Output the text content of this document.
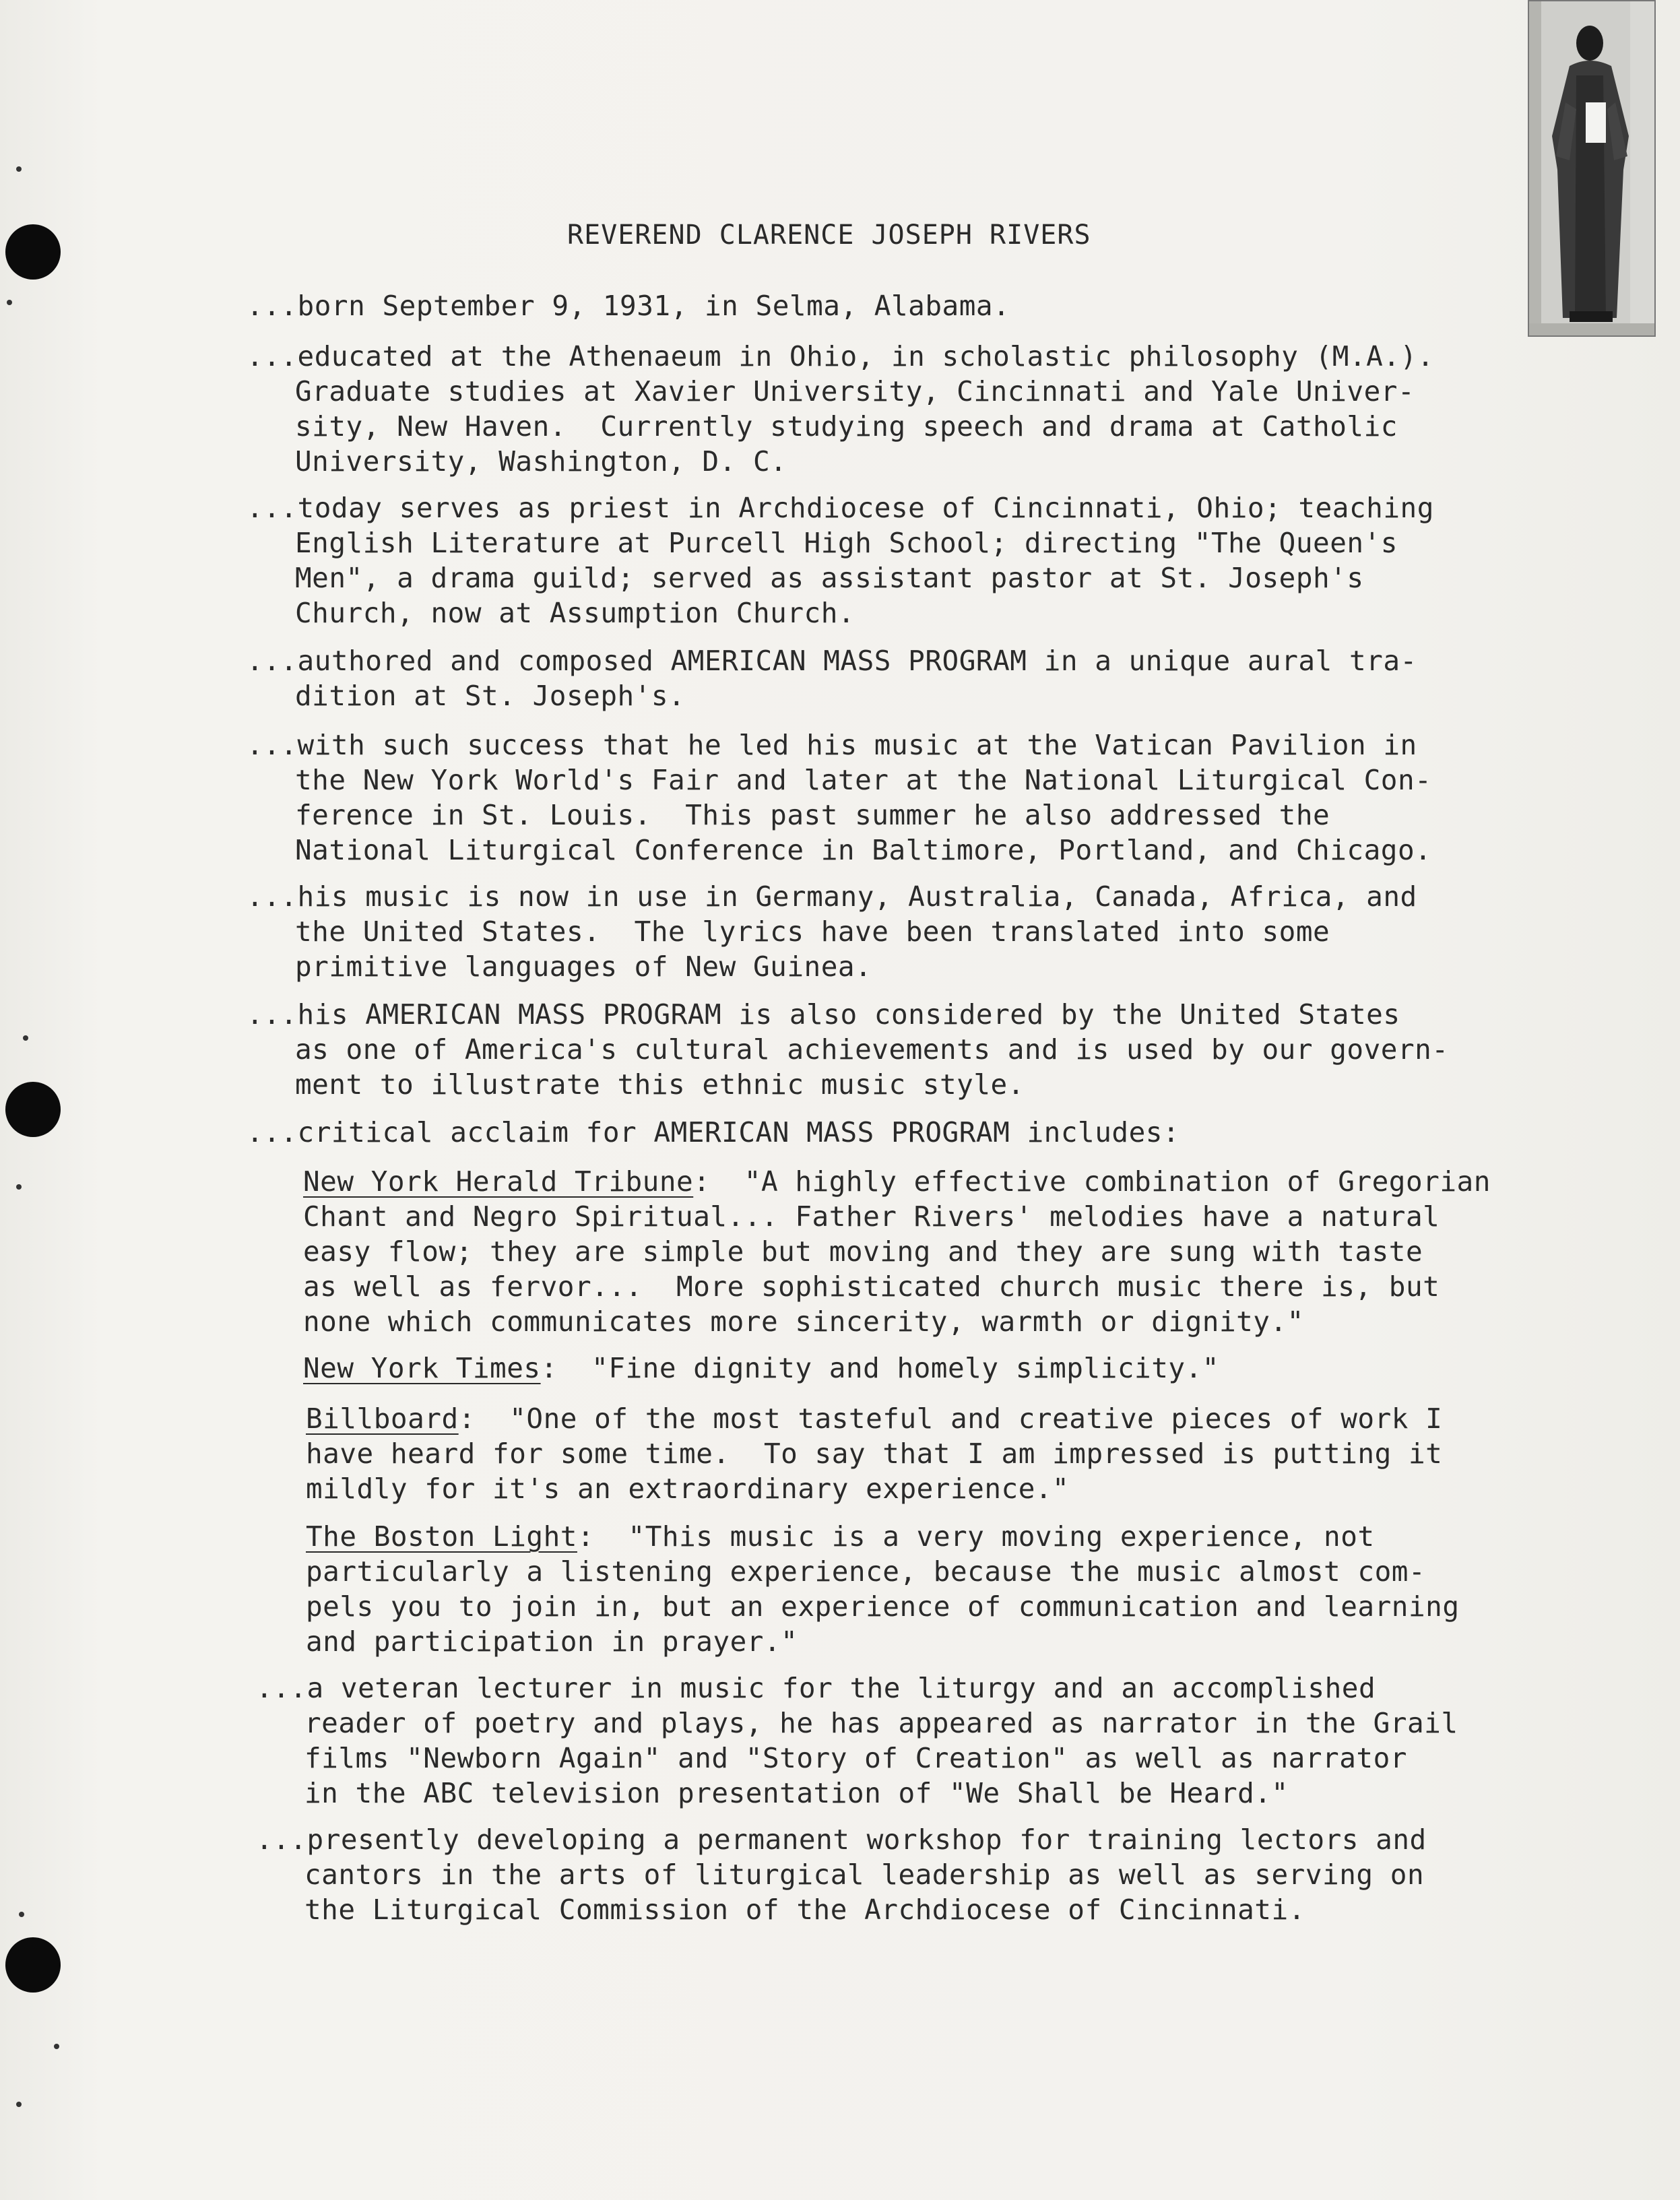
REVEREND CLARENCE JOSEPH RIVERS
...born September 9, 1931, in Selma, Alabama.
...educated at the Athenaeum in Ohio, in scholastic philosophy (M.A.).
Graduate studies at Xavier University, Cincinnati and Yale Univer-
sity, New Haven.  Currently studying speech and drama at Catholic
University, Washington, D. C.
...today serves as priest in Archdiocese of Cincinnati, Ohio; teaching
English Literature at Purcell High School; directing "The Queen's
Men", a drama guild; served as assistant pastor at St. Joseph's
Church, now at Assumption Church.
...authored and composed AMERICAN MASS PROGRAM in a unique aural tra-
dition at St. Joseph's.
...with such success that he led his music at the Vatican Pavilion in
the New York World's Fair and later at the National Liturgical Con-
ference in St. Louis.  This past summer he also addressed the
National Liturgical Conference in Baltimore, Portland, and Chicago.
...his music is now in use in Germany, Australia, Canada, Africa, and
the United States.  The lyrics have been translated into some
primitive languages of New Guinea.
...his AMERICAN MASS PROGRAM is also considered by the United States
as one of America's cultural achievements and is used by our govern-
ment to illustrate this ethnic music style.
...critical acclaim for AMERICAN MASS PROGRAM includes:
New York Herald Tribune:  "A highly effective combination of Gregorian
Chant and Negro Spiritual... Father Rivers' melodies have a natural
easy flow; they are simple but moving and they are sung with taste
as well as fervor...  More sophisticated church music there is, but
none which communicates more sincerity, warmth or dignity."
New York Times:  "Fine dignity and homely simplicity."
Billboard:  "One of the most tasteful and creative pieces of work I
have heard for some time.  To say that I am impressed is putting it
mildly for it's an extraordinary experience."
The Boston Light:  "This music is a very moving experience, not
particularly a listening experience, because the music almost com-
pels you to join in, but an experience of communication and learning
and participation in prayer."
...a veteran lecturer in music for the liturgy and an accomplished
reader of poetry and plays, he has appeared as narrator in the Grail
films "Newborn Again" and "Story of Creation" as well as narrator
in the ABC television presentation of "We Shall be Heard."
...presently developing a permanent workshop for training lectors and
cantors in the arts of liturgical leadership as well as serving on
the Liturgical Commission of the Archdiocese of Cincinnati.
